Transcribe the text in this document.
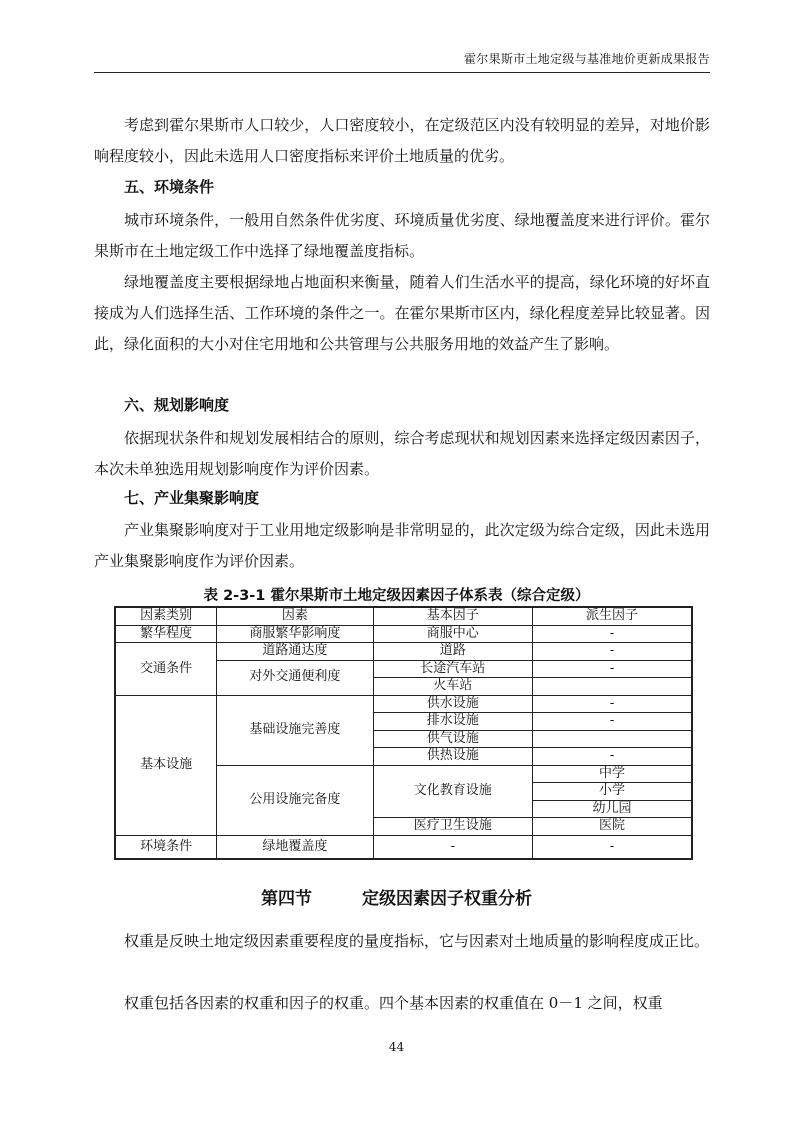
霍尔果斯市土地定级与基准地价更新成果报告
考虑到霍尔果斯市人口较少，人口密度较小，在定级范区内没有较明显的差异，对地价影响程度较小，因此未选用人口密度指标来评价土地质量的优劣。
五、环境条件
城市环境条件，一般用自然条件优劣度、环境质量优劣度、绿地覆盖度来进行评价。霍尔果斯市在土地定级工作中选择了绿地覆盖度指标。
绿地覆盖度主要根据绿地占地面积来衡量，随着人们生活水平的提高，绿化环境的好坏直接成为人们选择生活、工作环境的条件之一。在霍尔果斯市区内，绿化程度差异比较显著。因此，绿化面积的大小对住宅用地和公共管理与公共服务用地的效益产生了影响。
六、规划影响度
依据现状条件和规划发展相结合的原则，综合考虑现状和规划因素来选择定级因素因子，本次未单独选用规划影响度作为评价因素。
七、产业集聚影响度
产业集聚影响度对于工业用地定级影响是非常明显的，此次定级为综合定级，因此未选用产业集聚影响度作为评价因素。
表 2-3-1 霍尔果斯市土地定级因素因子体系表（综合定级）
因素类别	因素	基本因子	派生因子
繁华程度	商服繁华影响度	商服中心	-
交通条件	道路通达度	道路	-
	对外交通便利度	长途汽车站	-
		火车站	
基本设施	基础设施完善度	供水设施	-
		排水设施	-
		供气设施	
		供热设施	-
	公用设施完备度	文化教育设施	中学
			小学
			幼儿园
		医疗卫生设施	医院
环境条件	绿地覆盖度	-	-
第四节	定级因素因子权重分析
权重是反映土地定级因素重要程度的量度指标，它与因素对土地质量的影响程度成正比。
权重包括各因素的权重和因子的权重。四个基本因素的权重值在 0－1 之间，权重
44
